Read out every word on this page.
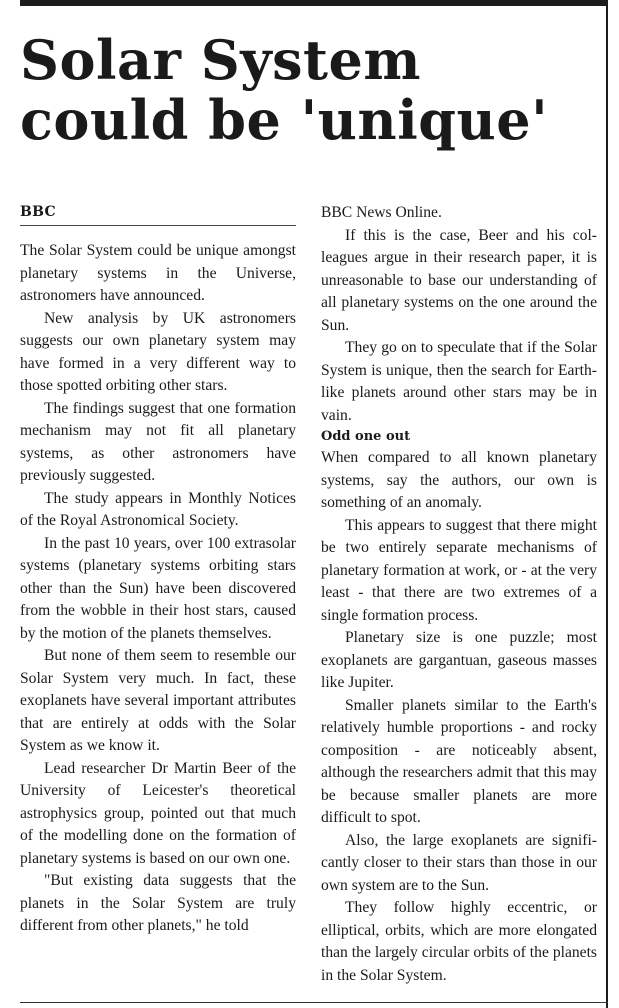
Solar System could be 'unique'
BBC

The Solar System could be unique amongst planetary systems in the Universe, astronomers have announced.

New analysis by UK astronomers suggests our own planetary system may have formed in a very different way to those spotted orbiting other stars.

The findings suggest that one formation mechanism may not fit all planetary systems, as other astronomers have previously suggested.

The study appears in Monthly Notices of the Royal Astronomical Society.

In the past 10 years, over 100 extrasolar systems (planetary systems orbiting stars other than the Sun) have been discovered from the wobble in their host stars, caused by the motion of the planets themselves.

But none of them seem to resemble our Solar System very much. In fact, these exoplanets have several important attributes that are entirely at odds with the Solar System as we know it.

Lead researcher Dr Martin Beer of the University of Leicester's theoretical astrophysics group, pointed out that much of the modelling done on the formation of planetary systems is based on our own one.

"But existing data suggests that the planets in the Solar System are truly different from other planets," he told

BBC News Online.

If this is the case, Beer and his colleagues argue in their research paper, it is unreasonable to base our understanding of all planetary systems on the one around the Sun.

They go on to speculate that if the Solar System is unique, then the search for Earth-like planets around other stars may be in vain.

Odd one out

When compared to all known planetary systems, say the authors, our own is something of an anomaly.

This appears to suggest that there might be two entirely separate mechanisms of planetary formation at work, or - at the very least - that there are two extremes of a single formation process.

Planetary size is one puzzle; most exoplanets are gargantuan, gaseous masses like Jupiter.

Smaller planets similar to the Earth's relatively humble proportions - and rocky composition - are noticeably absent, although the researchers admit that this may be because smaller planets are more difficult to spot.

Also, the large exoplanets are significantly closer to their stars than those in our own system are to the Sun.

They follow highly eccentric, or elliptical, orbits, which are more elongated than the largely circular orbits of the planets in the Solar System.
